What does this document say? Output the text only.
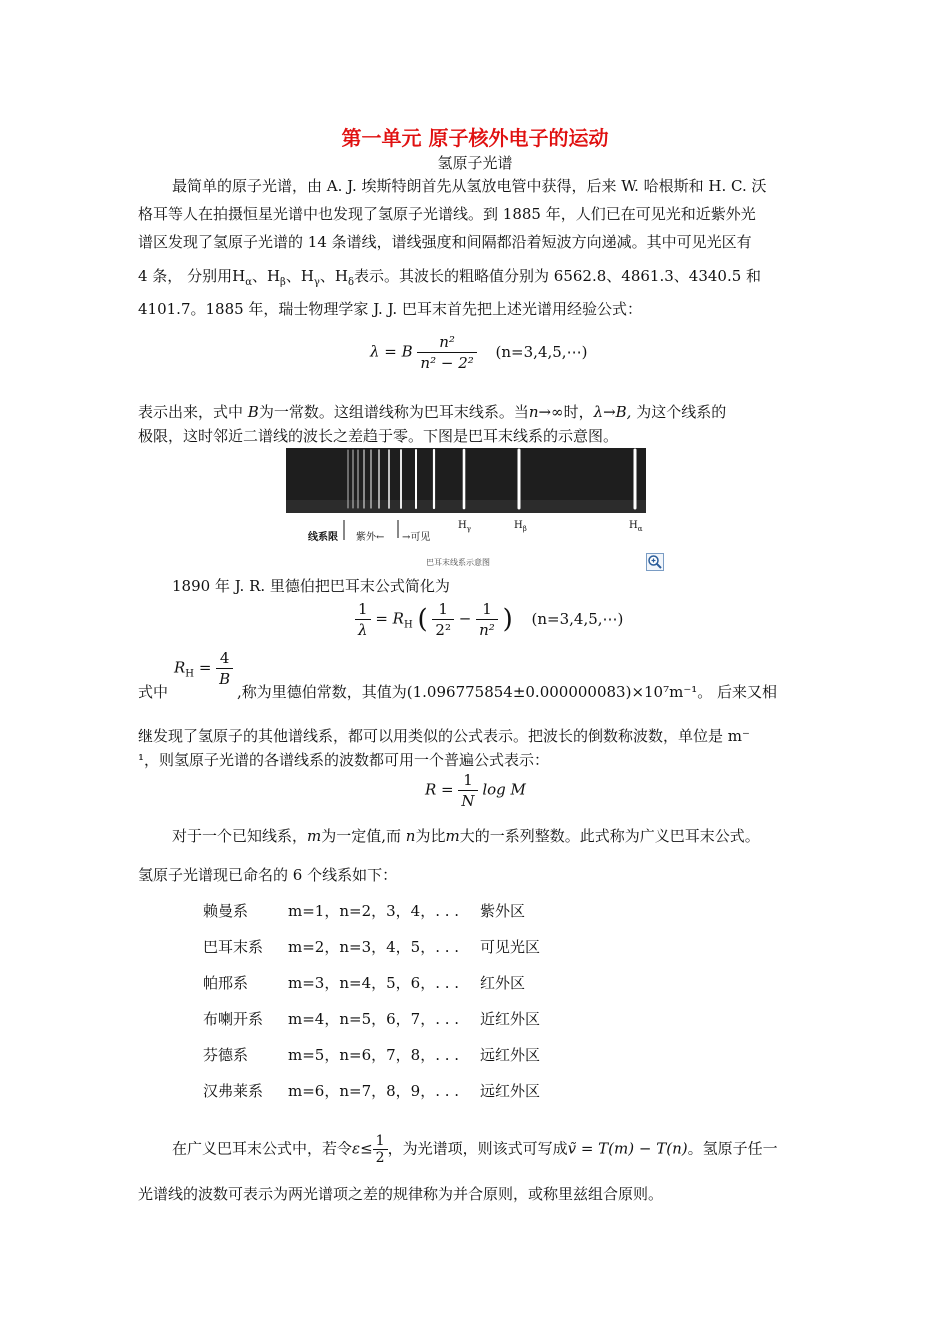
第一单元 原子核外电子的运动
氢原子光谱
最简单的原子光谱，由 A. J. 埃斯特朗首先从氢放电管中获得，后来 W. 哈根斯和 H. C. 沃
格耳等人在拍摄恒星光谱中也发现了氢原子光谱线。到 1885 年，人们已在可见光和近紫外光
谱区发现了氢原子光谱的 14 条谱线，谱线强度和间隔都沿着短波方向递减。其中可见光区有
4 条， 分别用$H_\alpha$、$H_\beta$、$H_\gamma$、$H_\delta$表示。其波长的粗略值分别为 6562.8、4861.3、4340.5 和
4101.7。1885 年，瑞士物理学家 J. J. 巴耳末首先把上述光谱用经验公式：
λ = B $\frac{\text{n²}}{\text{n² − 2²}}$ (n=3,4,5,⋯)
表示出来，式中 B为一常数。这组谱线称为巴耳末线系。当n→∞时，λ→B, 为这个线系的
极限，这时邻近二谱线的波长之差趋于零。下图是巴耳末线系的示意图。
线系限 紫外← →可见
$H_\gamma$	$H_\beta$	$H_\alpha$
巴耳末线系示意图
1890 年 J. R. 里德伯把巴耳末公式简化为
$\frac{1}{\lambda} = R_H$ ( $\frac{1}{\text{2²}} - \frac{1}{\text{n²}}$ ) (n=3,4,5,⋯)
$R_H = \frac{4}{B}$
式中	,称为里德伯常数，其值为(1.096775854±0.000000083)×10⁷m⁻¹。 后来又相
继发现了氢原子的其他谱线系，都可以用类似的公式表示。把波长的倒数称波数，单位是 m⁻
¹，则氢原子光谱的各谱线系的波数都可用一个普遍公式表示：
$R = \frac{1}{N}$ log M
对于一个已知线系，m为一定值,而 n为比m大的一系列整数。此式称为广义巴耳末公式。
氢原子光谱现已命名的 6 个线系如下：
赖曼系	m=1，n=2，3，4，. . . 紫外区
巴耳末系 m=2，n=3，4，5，. . . 可见光区
帕邢系	m=3，n=4，5，6，. . . 红外区
布喇开系 m=4，n=5，6，7，. . . 近红外区
芬德系	m=5，n=6，7，8，. . . 远红外区
汉弗莱系 m=6，n=7，8，9，. . . 远红外区
在广义巴耳末公式中，若令$\varepsilon\le \frac{1}{2}$ ，为光谱项，则该式可写成ṽ = T(m) − T(n)。氢原子任一
光谱线的波数可表示为两光谱项之差的规律称为并合原则，或称里兹组合原则。
